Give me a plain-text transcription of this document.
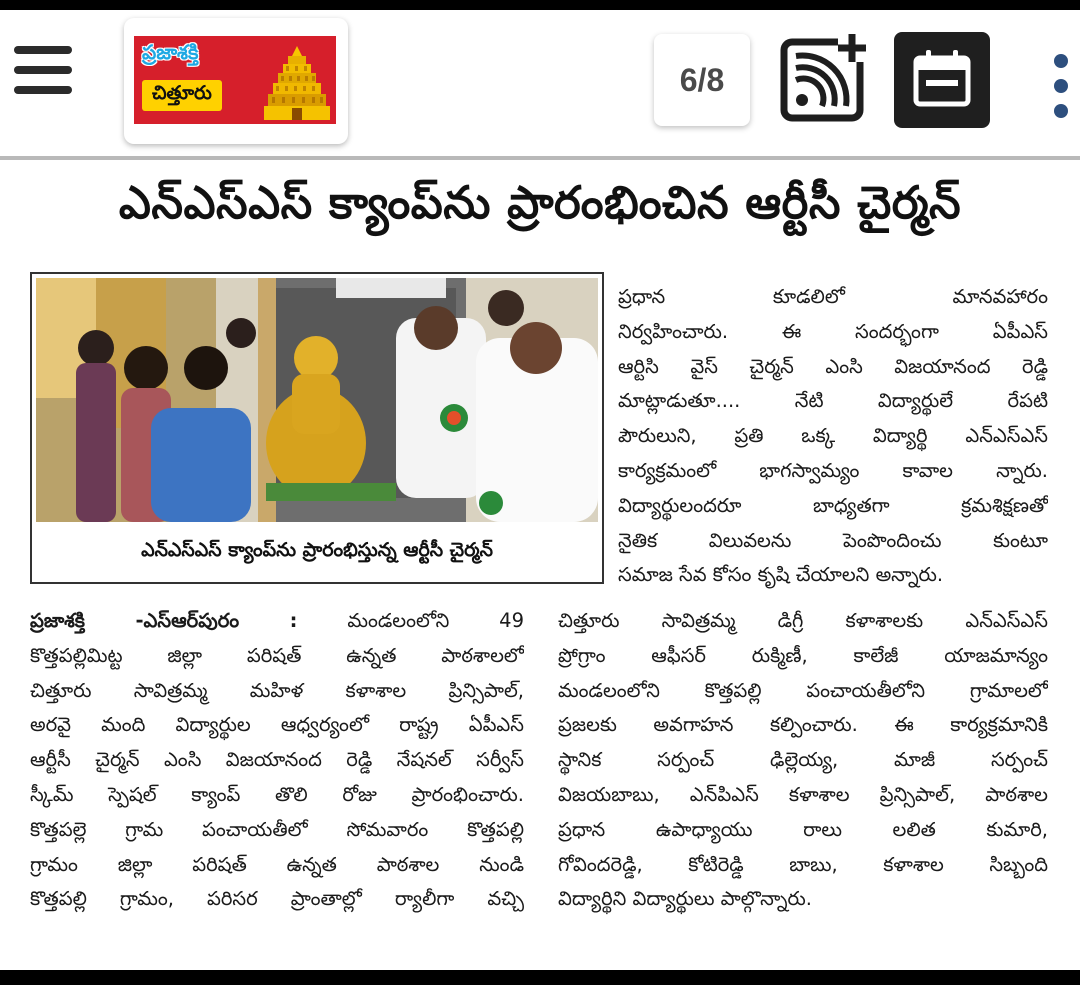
ప్రజాశక్తి
చిత్తూరు	6/8
ఎన్‌ఎస్‌ఎస్ క్యాంప్‌ను ప్రారంభించిన ఆర్టీసీ చైర్మన్
ఎన్‌ఎస్‌ఎస్ క్యాంప్‌ను ప్రారంభిస్తున్న ఆర్టీసీ చైర్మన్
ప్రధాన కూడలిలో మానవహారం
నిర్వహించారు. ఈ సందర్భంగా ఏపీఎస్
ఆర్టిసి వైస్ చైర్మన్ ఎంసి విజయానంద రెడ్డి
మాట్లాడుతూ.... నేటి విద్యార్థులే రేపటి
పౌరులుని, ప్రతి ఒక్క విద్యార్థి ఎన్ఎస్ఎస్
కార్యక్రమంలో భాగస్వామ్యం కావాల న్నారు.
విద్యార్థులందరూ బాధ్యతగా క్రమశిక్షణతో
నైతిక విలువలను పెంపొందించు కుంటూ
సమాజ సేవ కోసం కృషి చేయాలని అన్నారు.
ప్రజాశక్తి -ఎస్ఆర్‌పురం :	మండలంలోని 49
కొత్తపల్లిమిట్ట జిల్లా పరిషత్ ఉన్నత పాఠశాలలో
చిత్తూరు సావిత్రమ్మ మహిళ కళాశాల ప్రిన్సిపాల్,
అరవై మంది విద్యార్థుల ఆధ్వర్యంలో రాష్ట్ర ఏపీఎస్
ఆర్టీసీ చైర్మన్ ఎంసి విజయానంద రెడ్డి నేషనల్ సర్వీస్
స్కీమ్ స్పెషల్ క్యాంప్ తొలి రోజు ప్రారంభించారు.
కొత్తపల్లె గ్రామ పంచాయతీలో సోమవారం కొత్తపల్లి
గ్రామం జిల్లా పరిషత్ ఉన్నత పాఠశాల నుండి
కొత్తపల్లి గ్రామం, పరిసర ప్రాంతాల్లో ర్యాలీగా వచ్చి
చిత్తూరు సావిత్రమ్మ డిగ్రీ కళాశాలకు ఎన్ఎస్ఎస్
ప్రోగ్రాం ఆఫీసర్ రుక్మిణీ, కాలేజీ యాజమాన్యం
మండలంలోని కొత్తపల్లి పంచాయతీలోని గ్రామాలలో
ప్రజలకు అవగాహన కల్పించారు. ఈ కార్యక్రమానికి
స్థానిక సర్పంచ్ ఢిల్లెయ్య, మాజీ సర్పంచ్
విజయబాబు, ఎన్‌పిఎస్ కళాశాల ప్రిన్సిపాల్, పాఠశాల
ప్రధాన ఉపాధ్యాయు రాలు లలిత కుమారి,
గోవిందరెడ్డి, కోటిరెడ్డి బాబు, కళాశాల సిబ్బంది
విద్యార్థిని విద్యార్థులు పాల్గొన్నారు.
